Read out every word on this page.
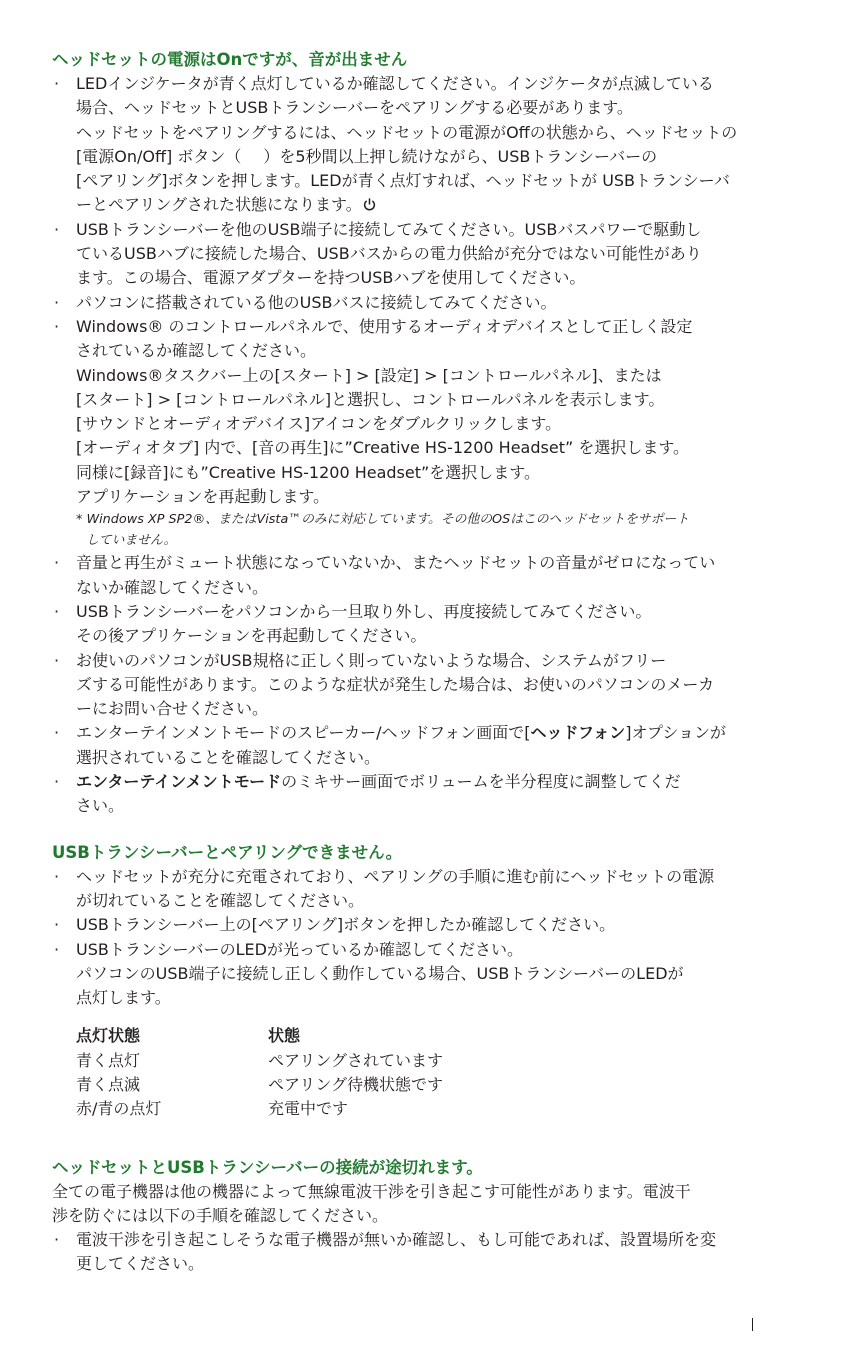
ヘッドセットの電源はOnですが、音が出ません
· LEDインジケータが青く点灯しているか確認してください。インジケータが点滅している
場合、ヘッドセットとUSBトランシーバーをペアリングする必要があります。
ヘッドセットをペアリングするには、ヘッドセットの電源がOffの状態から、ヘッドセットの
[電源On/Off] ボタン（ ）を5秒間以上押し続けながら、USBトランシーバーの
[ペアリング]ボタンを押します。LEDが青く点灯すれば、ヘッドセットが USBトランシーバ
ーとペアリングされた状態になります。
· USBトランシーバーを他のUSB端子に接続してみてください。USBバスパワーで駆動し
ているUSBハブに接続した場合、USBバスからの電力供給が充分ではない可能性があり
ます。この場合、電源アダプターを持つUSBハブを使用してください。
· パソコンに搭載されている他のUSBバスに接続してみてください。
· Windows® のコントロールパネルで、使用するオーディオデバイスとして正しく設定
されているか確認してください。
Windows®タスクバー上の[スタート] > [設定] > [コントロールパネル]、または
[スタート] > [コントロールパネル]と選択し、コントロールパネルを表示します。
[サウンドとオーディオデバイス]アイコンをダブルクリックします。
[オーディオタブ] 内で、[音の再生]に”Creative HS-1200 Headset” を選択します。
同様に[録音]にも”Creative HS-1200 Headset”を選択します。
アプリケーションを再起動します。
* Windows XP SP2®、またはVista™のみに対応しています。その他のOSはこのヘッドセットをサポート
していません。
· 音量と再生がミュート状態になっていないか、またヘッドセットの音量がゼロになってい
ないか確認してください。
· USBトランシーバーをパソコンから一旦取り外し、再度接続してみてください。
その後アプリケーションを再起動してください。
· お使いのパソコンがUSB規格に正しく則っていないような場合、システムがフリー
ズする可能性があります。このような症状が発生した場合は、お使いのパソコンのメーカ
ーにお問い合せください。
· エンターテインメントモードのスピーカー/ヘッドフォン画面で[ヘッドフォン]オプションが
選択されていることを確認してください。
· エンターテインメントモードのミキサー画面でボリュームを半分程度に調整してくだ
さい。
USBトランシーバーとペアリングできません。
· ヘッドセットが充分に充電されており、ペアリングの手順に進む前にヘッドセットの電源
が切れていることを確認してください。
· USBトランシーバー上の[ペアリング]ボタンを押したか確認してください。
· USBトランシーバーのLEDが光っているか確認してください。
パソコンのUSB端子に接続し正しく動作している場合、USBトランシーバーのLEDが
点灯します。
点灯状態	状態
青く点灯	ペアリングされています
青く点滅	ペアリング待機状態です
赤/青の点灯	充電中です
ヘッドセットとUSBトランシーバーの接続が途切れます。

全ての電子機器は他の機器によって無線電波干渉を引き起こす可能性があります。電波干
渉を防ぐには以下の手順を確認してください。

· 電波干渉を引き起こしそうな電子機器が無いか確認し、もし可能であれば、設置場所を変
更してください。
